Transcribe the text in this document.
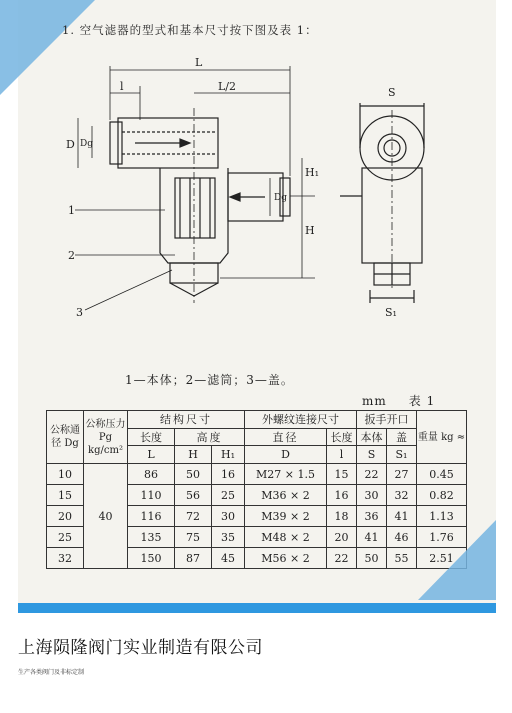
1. 空气滤器的型式和基本尺寸按下图及表 1：
L
l	L/2
D Dg
H₁
H
Dg
S
S₁
1
2
3
1—本体；2—滤筒；3—盖。
mm 表 1
公称通径 Dg	公称压力 Pg kg/cm²	结构尺寸			外螺纹连接尺寸		扳手开口		重量 kg ≈
		长度	高度		直径	长度	本体	盖	
		L	H	H₁	D	l	S	S₁	
10	40	86	50	16	M27 × 1.5	15	22	27	0.45
15		110	56	25	M36 × 2	16	30	32	0.82
20		116	72	30	M39 × 2	18	36	41	1.13
25		135	75	35	M48 × 2	20	41	46	1.76
32		150	87	45	M56 × 2	22	50	55	2.51
上海陨隆阀门实业制造有限公司
生产各类阀门及非标定制
